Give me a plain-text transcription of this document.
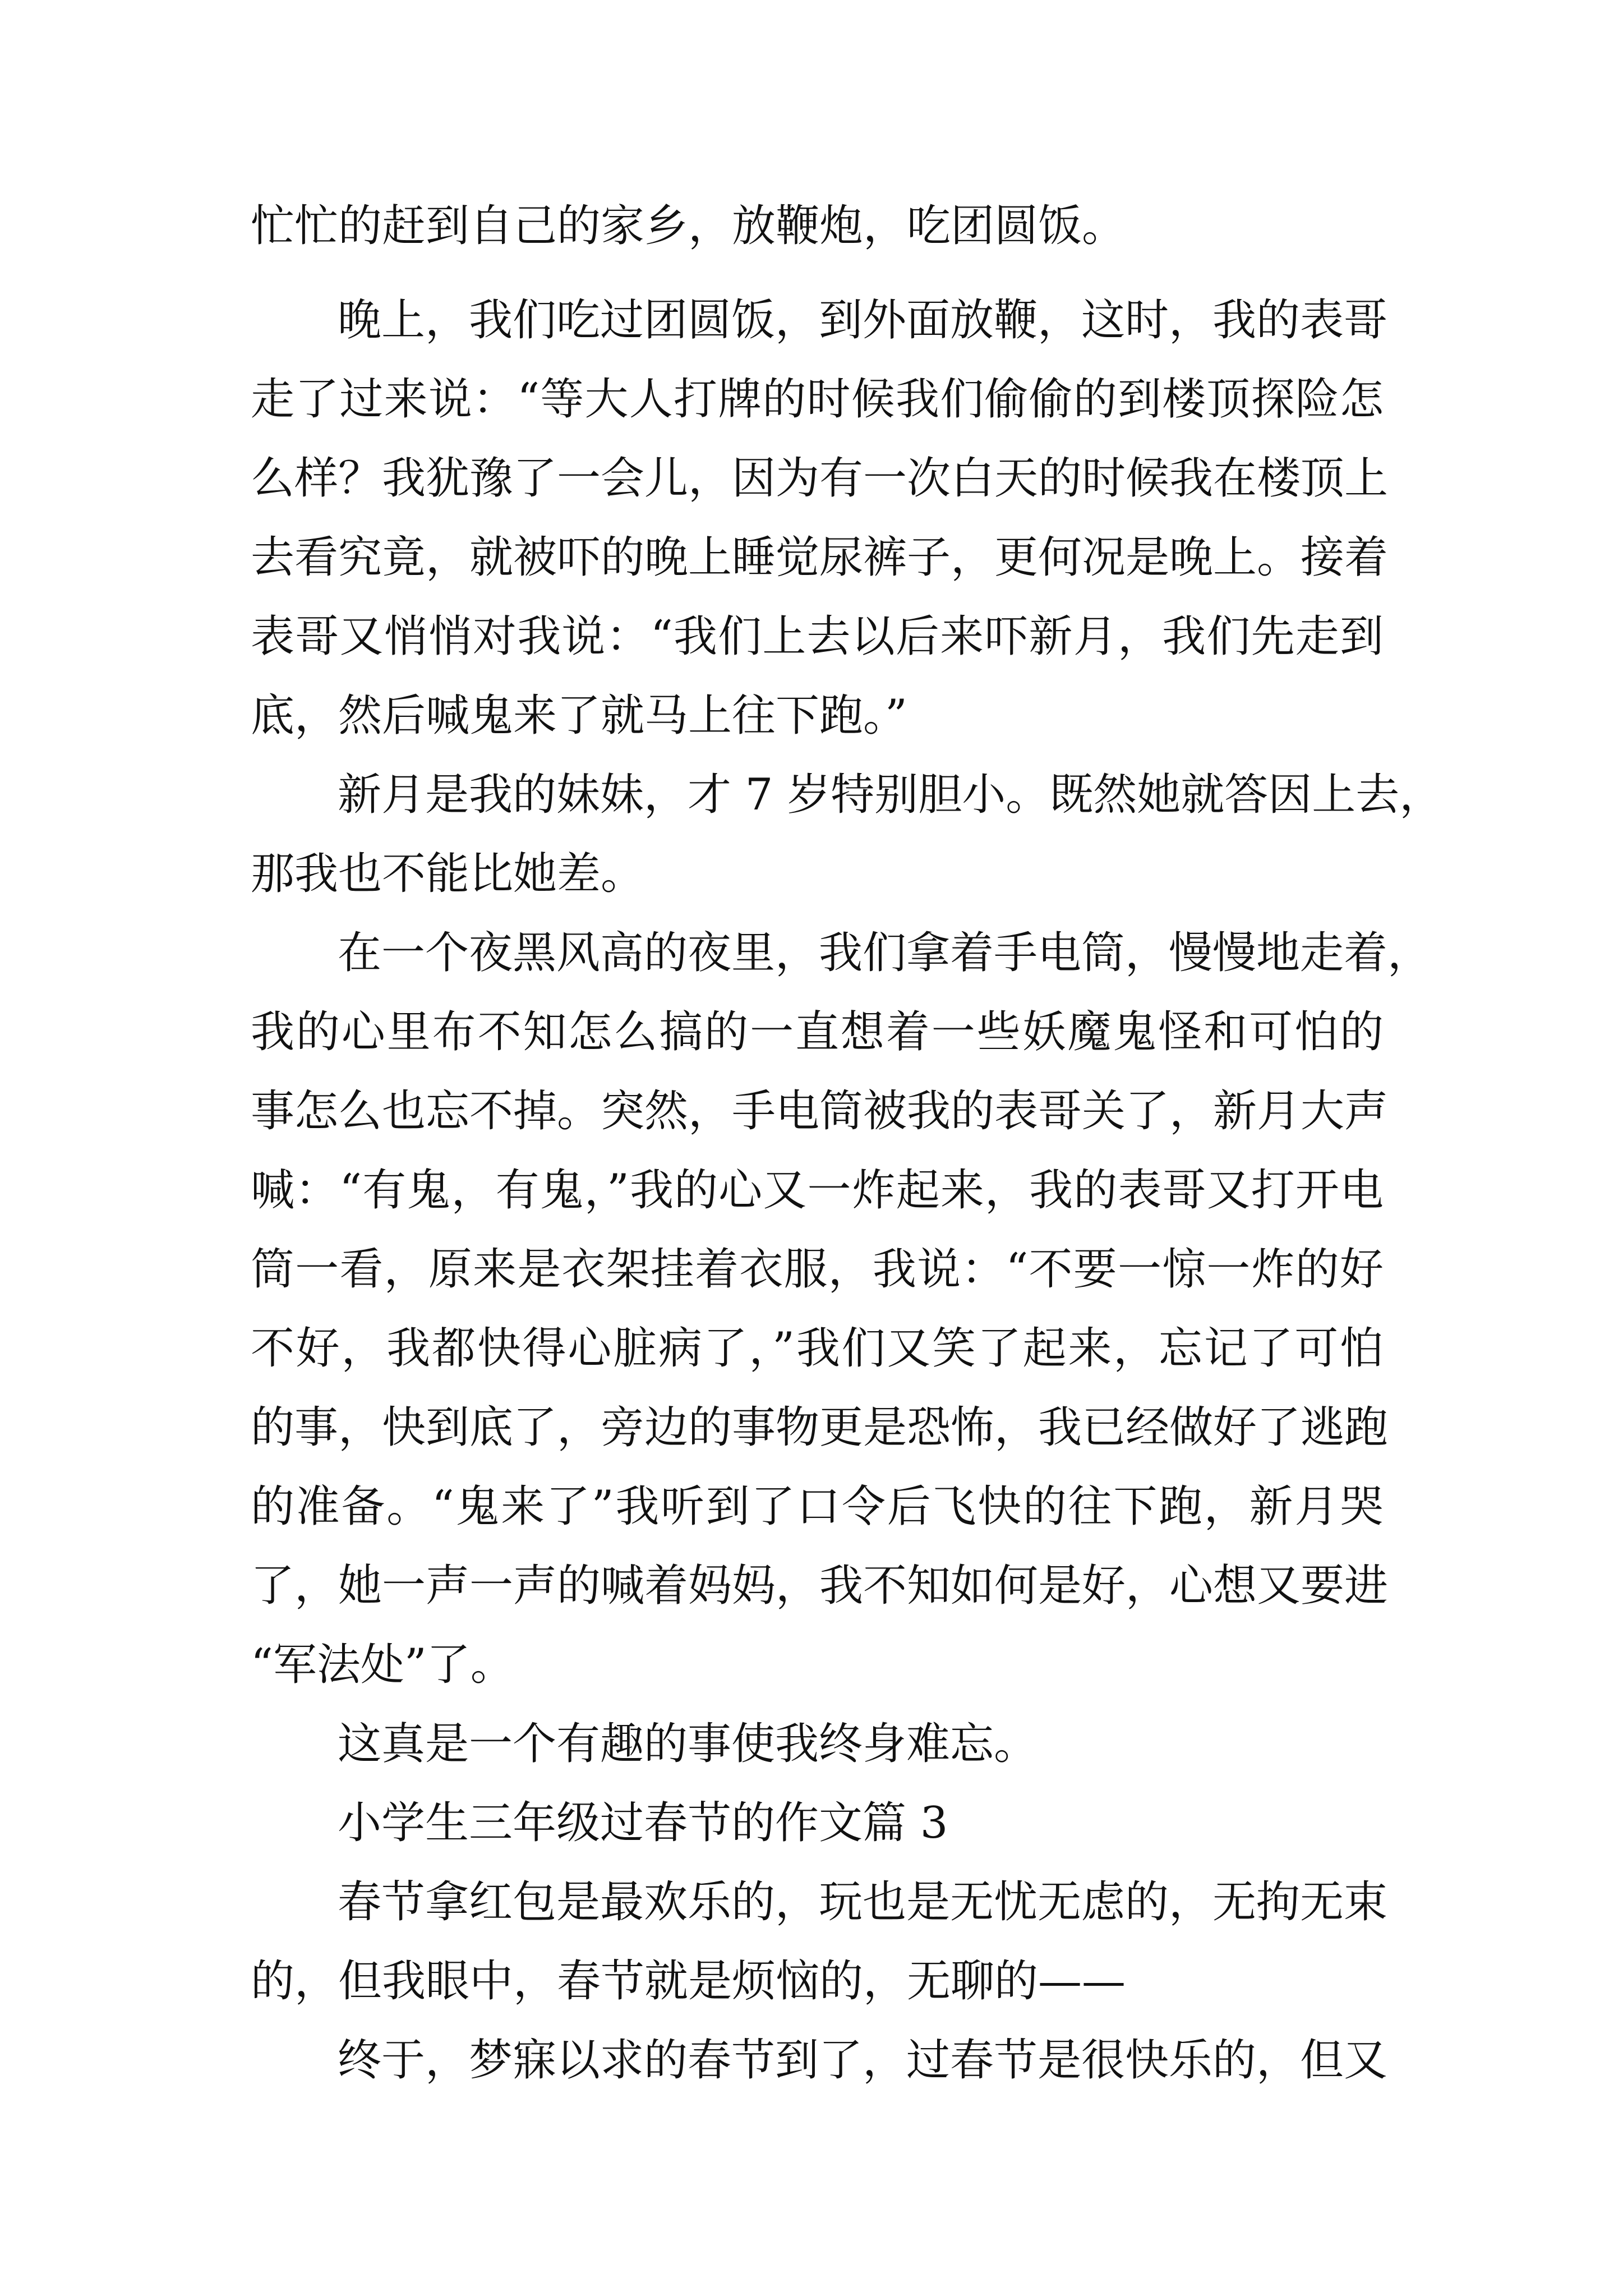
忙忙的赶到自己的家乡，放鞭炮，吃团圆饭。
晚上，我们吃过团圆饭，到外面放鞭，这时，我的表哥
走了过来说：“等大人打牌的时候我们偷偷的到楼顶探险怎
么样？我犹豫了一会儿，因为有一次白天的时候我在楼顶上
去看究竟，就被吓的晚上睡觉尿裤子，更何况是晚上。接着
表哥又悄悄对我说：“我们上去以后来吓新月，我们先走到
底，然后喊鬼来了就马上往下跑。”
新月是我的妹妹，才 7 岁特别胆小。既然她就答因上去，
那我也不能比她差。
在一个夜黑风高的夜里，我们拿着手电筒，慢慢地走着，
我的心里布不知怎么搞的一直想着一些妖魔鬼怪和可怕的
事怎么也忘不掉。突然，手电筒被我的表哥关了，新月大声
喊：“有鬼，有鬼，”我的心又一炸起来，我的表哥又打开电
筒一看，原来是衣架挂着衣服，我说：“不要一惊一炸的好
不好，我都快得心脏病了，”我们又笑了起来，忘记了可怕
的事，快到底了，旁边的事物更是恐怖，我已经做好了逃跑
的准备。“鬼来了”我听到了口令后飞快的往下跑，新月哭
了，她一声一声的喊着妈妈，我不知如何是好，心想又要进
“军法处”了。
这真是一个有趣的事使我终身难忘。
小学生三年级过春节的作文篇 3
春节拿红包是最欢乐的，玩也是无忧无虑的，无拘无束
的，但我眼中，春节就是烦恼的，无聊的——
终于，梦寐以求的春节到了，过春节是很快乐的，但又
